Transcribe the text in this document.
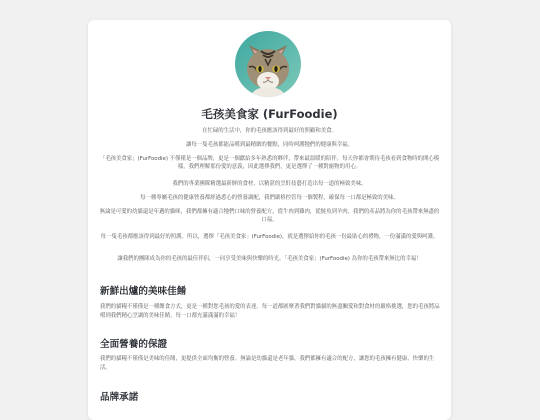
毛孩美食家 (FurFoodie)

在忙碌的生活中，你的毛孩應該得到最好的照顧和美食。

讓每一隻毛孩都能品嚐到最精緻的餐點，同時呵護牠們的健康與幸福。

「毛孩美食家」(FurFoodie) 不僅僅是一個品牌，更是一個獻給多年熟悉的夥伴，帶來最溫暖的陪伴。每天你都會期待毛孩看到食物時的開心模樣，我們理解那份愛的意義，因此選擇我們，更是選擇了一種對寵物的用心。

我們的專業團隊精選最新鮮的食材，以精湛的烹飪技藝打造出每一道的極致美味。

每一種專屬毛孩的健康營養都經過悉心的營養調配，我們嚴格控管每一個製程，確保每一口都是極致的美味。

無論是可愛的幼貓還是年邁的貓咪，我們都擁有適合牠們口味的營養配方，從牛肉到雞肉，從鮭魚到羊肉，我們的產品將為你的毛孩帶來無盡的口福。

每一隻毛孩都應該得到最好的照護。所以，選擇「毛孩美食家」(FurFoodie)，就是選擇給你的毛孩一份最貼心的禮物，一份滿滿的愛與呵護。

讓我們的團隊成為你的毛孩的最佳伴侶，一同享受美味與快樂的時光。「毛孩美食家」(FurFoodie) 為你的毛孩帶來無比的幸福！

新鮮出爐的美味佳餚

我們的貓糧不僅僅是一種餵食方式，更是一種對您毛孩的愛的表達。每一道都匯聚著我們對貓貓的無盡關愛和對食材的嚴格挑選，您的毛孩將品嚐到我們精心烹調的美味佳餚，每一口都充滿滿滿的幸福！

全面營養的保證

我們的貓糧不僅僅是美味的佳餚，更提供全面均衡的營養。無論是幼貓還是老年貓，我們都擁有適合的配方，讓您的毛孩擁有健康、快樂的生活。

品牌承諾
